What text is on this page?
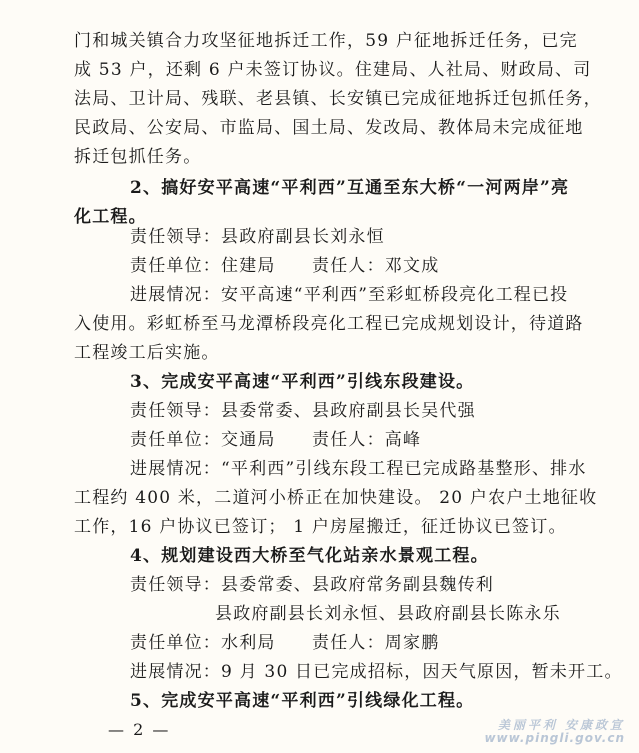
门和城关镇合力攻坚征地拆迁工作，59 户征地拆迁任务，已完
成 53 户，还剩 6 户未签订协议。住建局、人社局、财政局、司
法局、卫计局、残联、老县镇、长安镇已完成征地拆迁包抓任务，
民政局、公安局、市监局、国土局、发改局、教体局未完成征地
拆迁包抓任务。
2、搞好安平高速“平利西”互通至东大桥“一河两岸”亮
化工程。
责任领导：县政府副县长刘永恒
责任单位：住建局　　责任人：邓文成
进展情况：安平高速“平利西”至彩虹桥段亮化工程已投
入使用。彩虹桥至马龙潭桥段亮化工程已完成规划设计，待道路
工程竣工后实施。
3、完成安平高速“平利西”引线东段建设。
责任领导：县委常委、县政府副县长吴代强
责任单位：交通局　　责任人：高峰
进展情况：“平利西”引线东段工程已完成路基整形、排水
工程约 400 米，二道河小桥正在加快建设。 20 户农户土地征收
工作，16 户协议已签订； 1 户房屋搬迁，征迁协议已签订。
4、规划建设西大桥至气化站亲水景观工程。
责任领导：县委常委、县政府常务副县魏传利
县政府副县长刘永恒、县政府副县长陈永乐
责任单位：水利局　　责任人：周家鹏
进展情况：9 月 30 日已完成招标，因天气原因，暂未开工。
5、完成安平高速“平利西”引线绿化工程。
— 2 —	美丽平利 安康政宣
www.pingli.gov.cn
